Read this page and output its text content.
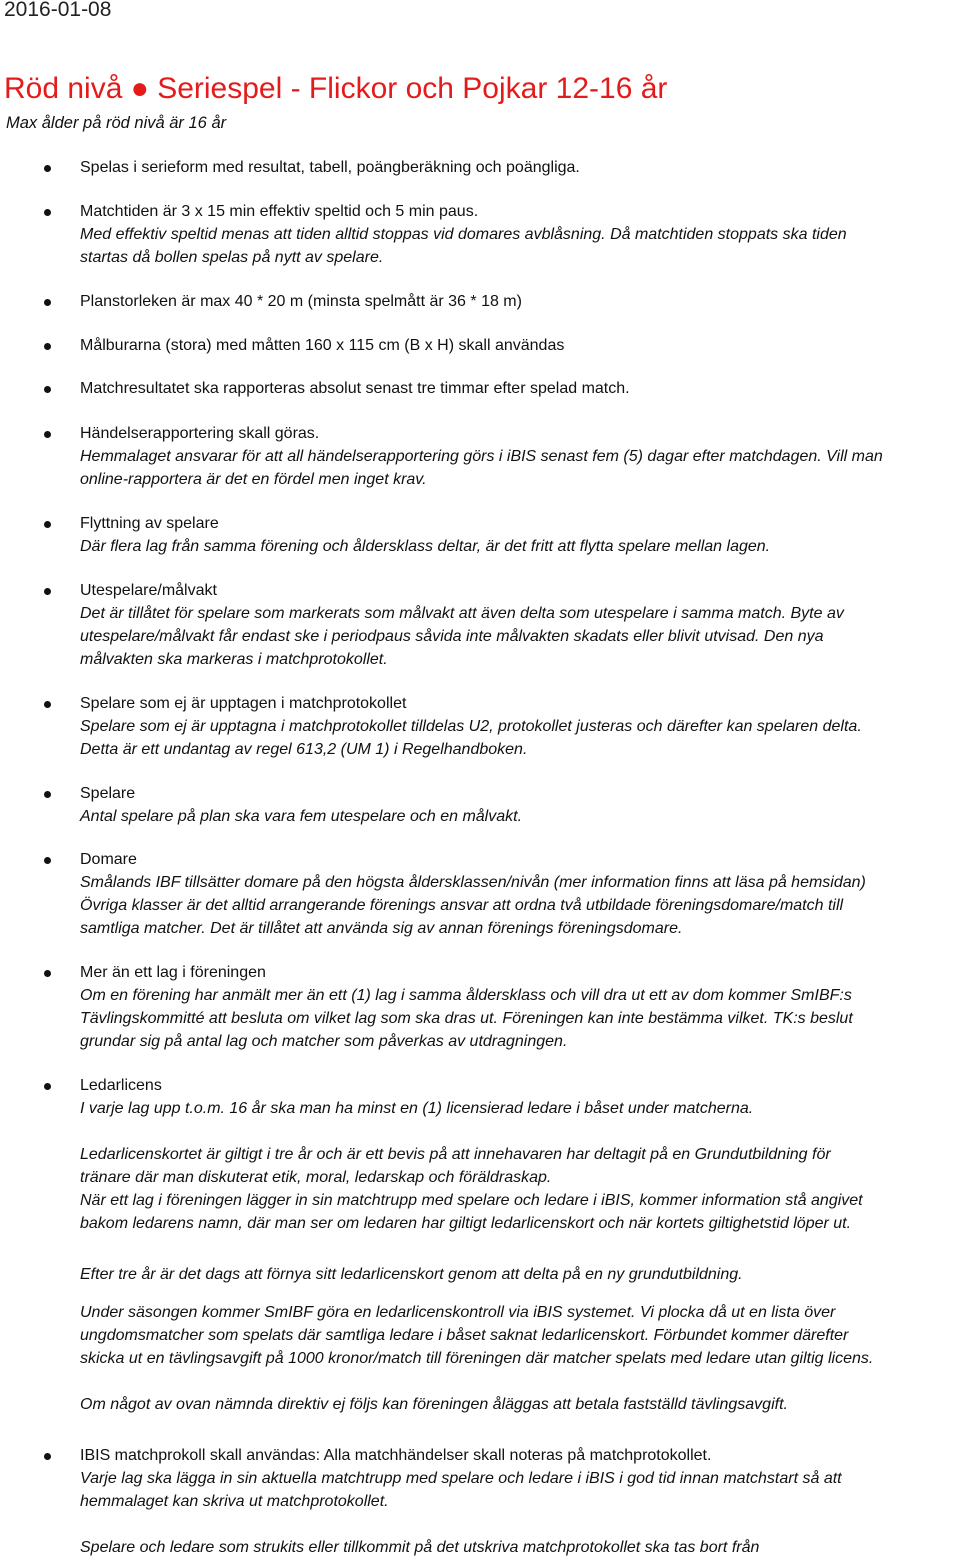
2016-01-08
Röd nivå ● Seriespel - Flickor och Pojkar 12-16 år
Max ålder på röd nivå är 16 år
Spelas i serieform med resultat, tabell, poängberäkning och poängliga.
Matchtiden är 3 x 15 min effektiv speltid och 5 min paus.
Med effektiv speltid menas att tiden alltid stoppas vid domares avblåsning. Då matchtiden stoppats ska tiden
startas då bollen spelas på nytt av spelare.
Planstorleken är max 40 * 20 m (minsta spelmått är 36 * 18 m)
Målburarna (stora) med måtten 160 x 115 cm (B x H) skall användas
Matchresultatet ska rapporteras absolut senast tre timmar efter spelad match.
Händelserapportering skall göras.
Hemmalaget ansvarar för att all händelserapportering görs i iBIS senast fem (5) dagar efter matchdagen. Vill man
online-rapportera är det en fördel men inget krav.
Flyttning av spelare
Där flera lag från samma förening och åldersklass deltar, är det fritt att flytta spelare mellan lagen.
Utespelare/målvakt
Det är tillåtet för spelare som markerats som målvakt att även delta som utespelare i samma match. Byte av
utespelare/målvakt får endast ske i periodpaus såvida inte målvakten skadats eller blivit utvisad. Den nya
målvakten ska markeras i matchprotokollet.
Spelare som ej är upptagen i matchprotokollet
Spelare som ej är upptagna i matchprotokollet tilldelas U2, protokollet justeras och därefter kan spelaren delta.
Detta är ett undantag av regel 613,2 (UM 1) i Regelhandboken.
Spelare
Antal spelare på plan ska vara fem utespelare och en målvakt.
Domare
Smålands IBF tillsätter domare på den högsta åldersklassen/nivån (mer information finns att läsa på hemsidan)
Övriga klasser är det alltid arrangerande förenings ansvar att ordna två utbildade föreningsdomare/match till
samtliga matcher. Det är tillåtet att använda sig av annan förenings föreningsdomare.
Mer än ett lag i föreningen
Om en förening har anmält mer än ett (1) lag i samma åldersklass och vill dra ut ett av dom kommer SmIBF:s
Tävlingskommitté att besluta om vilket lag som ska dras ut. Föreningen kan inte bestämma vilket. TK:s beslut
grundar sig på antal lag och matcher som påverkas av utdragningen.
Ledarlicens
I varje lag upp t.o.m. 16 år ska man ha minst en (1) licensierad ledare i båset under matcherna.
Ledarlicenskortet är giltigt i tre år och är ett bevis på att innehavaren har deltagit på en Grundutbildning för
tränare där man diskuterat etik, moral, ledarskap och föräldraskap.
När ett lag i föreningen lägger in sin matchtrupp med spelare och ledare i iBIS, kommer information stå angivet
bakom ledarens namn, där man ser om ledaren har giltigt ledarlicenskort och när kortets giltighetstid löper ut.
Efter tre år är det dags att förnya sitt ledarlicenskort genom att delta på en ny grundutbildning.
Under säsongen kommer SmIBF göra en ledarlicenskontroll via iBIS systemet. Vi plocka då ut en lista över
ungdomsmatcher som spelats där samtliga ledare i båset saknat ledarlicenskort. Förbundet kommer därefter
skicka ut en tävlingsavgift på 1000 kronor/match till föreningen där matcher spelats med ledare utan giltig licens.
Om något av ovan nämnda direktiv ej följs kan föreningen åläggas att betala fastställd tävlingsavgift.
IBIS matchprokoll skall användas: Alla matchhändelser skall noteras på matchprotokollet.
Varje lag ska lägga in sin aktuella matchtrupp med spelare och ledare i iBIS i god tid innan matchstart så att
hemmalaget kan skriva ut matchprotokollet.
Spelare och ledare som strukits eller tillkommit på det utskriva matchprotokollet ska tas bort från
